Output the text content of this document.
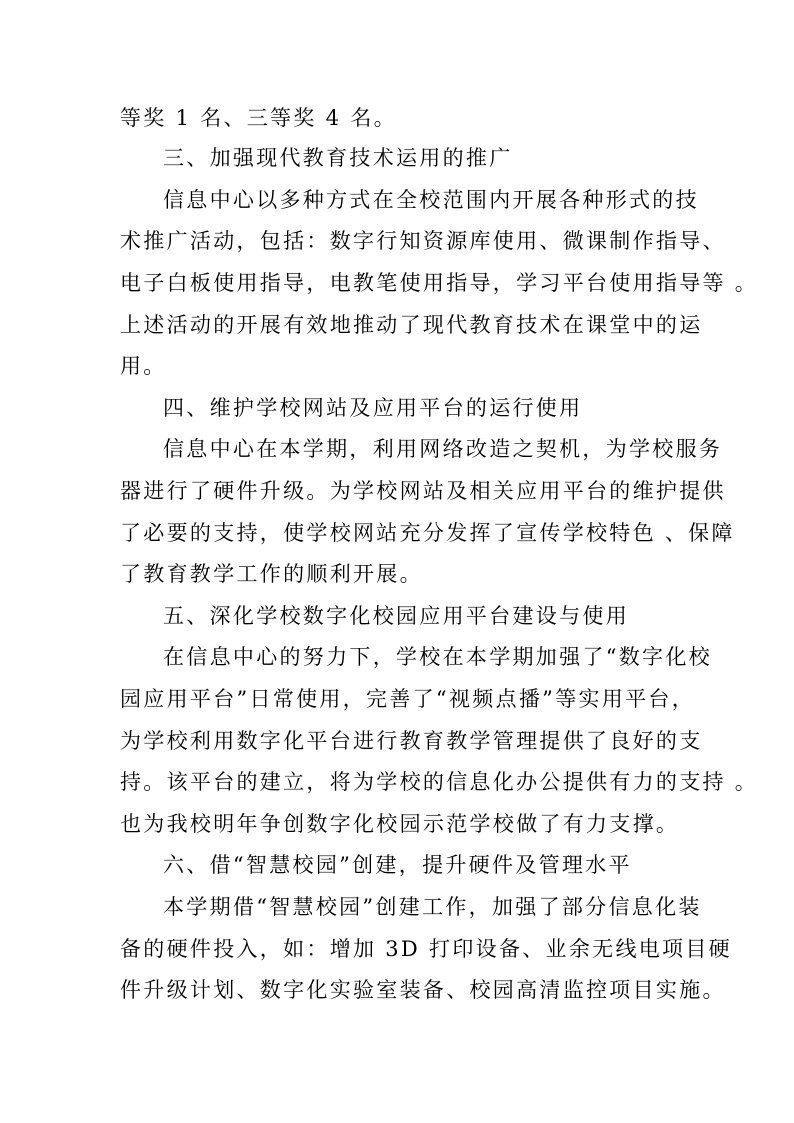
等奖 1 名、三等奖 4 名。
三、加强现代教育技术运用的推广
信息中心以多种方式在全校范围内开展各种形式的技
术推广活动，包括：数字行知资源库使用、微课制作指导、
电子白板使用指导，电教笔使用指导，学习平台使用指导等 。
上述活动的开展有效地推动了现代教育技术在课堂中的运
用。
四、维护学校网站及应用平台的运行使用
信息中心在本学期，利用网络改造之契机，为学校服务
器进行了硬件升级。为学校网站及相关应用平台的维护提供
了必要的支持，使学校网站充分发挥了宣传学校特色 、保障
了教育教学工作的顺利开展。
五、深化学校数字化校园应用平台建设与使用
在信息中心的努力下，学校在本学期加强了“数字化校
园应用平台”日常使用，完善了“视频点播”等实用平台，
为学校利用数字化平台进行教育教学管理提供了良好的支
持。该平台的建立，将为学校的信息化办公提供有力的支持 。
也为我校明年争创数字化校园示范学校做了有力支撑。
六、借“智慧校园”创建，提升硬件及管理水平
本学期借“智慧校园”创建工作，加强了部分信息化装
备的硬件投入，如：增加 3D 打印设备、业余无线电项目硬
件升级计划、数字化实验室装备、校园高清监控项目实施。
